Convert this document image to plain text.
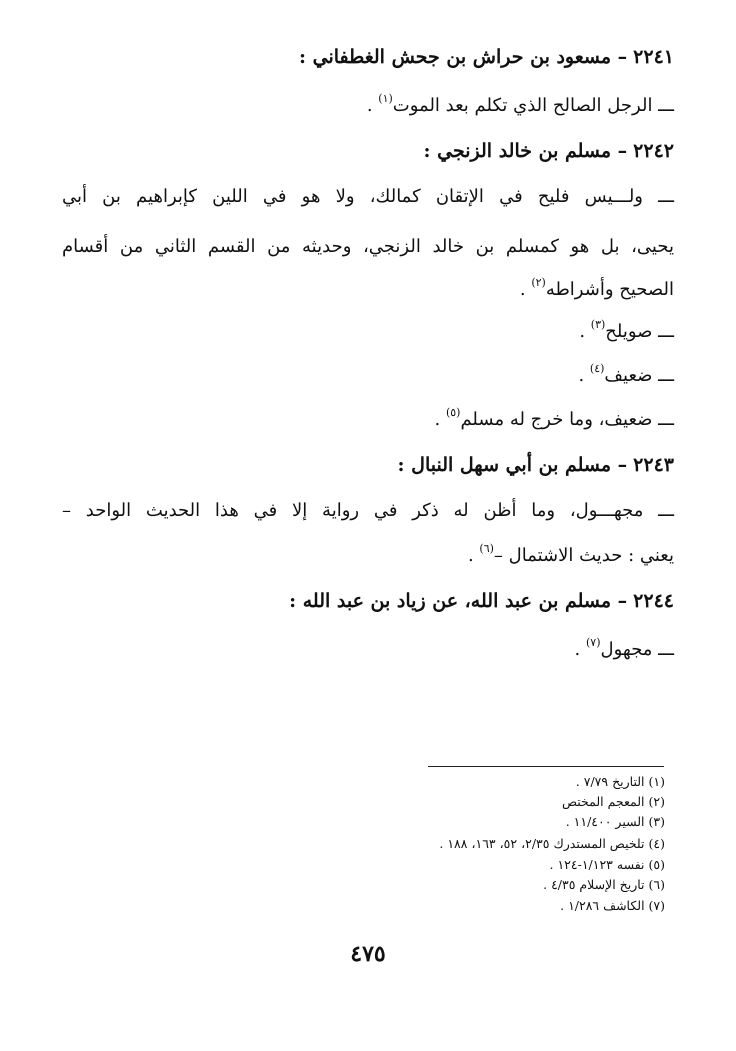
٢٢٤١– مسعود بن حراش بن جحش الغطفاني :
ـــ الرجل الصالح الذي تكلم بعد الموت$^{(١)}$ .
٢٢٤٢– مسلم بن خالد الزنجي :
ـــ ولـــيس فليح في الإتقان كمالك، ولا هو في اللين كإبراهيم بن أبي
يحيى، بل هو كمسلم بن خالد الزنجي، وحديثه من القسم الثاني من أقسام
الصحيح وأشراطه$^{(٢)}$ .
ـــ صويلح$^{(٣)}$ .
ـــ ضعيف$^{(٤)}$ .
ـــ ضعيف، وما خرج له مسلم$^{(٥)}$ .
٢٢٤٣– مسلم بن أبي سهل النبال :
ـــ مجهـــول، وما أظن له ذكر في رواية إلا في هذا الحديث الواحد –
يعني : حديث الاشتمال –$^{(٦)}$ .
٢٢٤٤– مسلم بن عبد الله، عن زياد بن عبد الله :
ـــ مجهول$^{(٧)}$ .
(١) التاريخ ٧/٧٩ .
(٢) المعجم المختص
(٣) السير ١١/٤٠٠ .
(٤) تلخيص المستدرك ٢/٣٥، ٥٢، ١٦٣، ١٨٨ .
(٥) نفسه ١/١٢٣-١٢٤ .
(٦) تاريخ الإسلام ٤/٣٥ .
(٧) الكاشف ١/٢٨٦ .
٤٧٥
